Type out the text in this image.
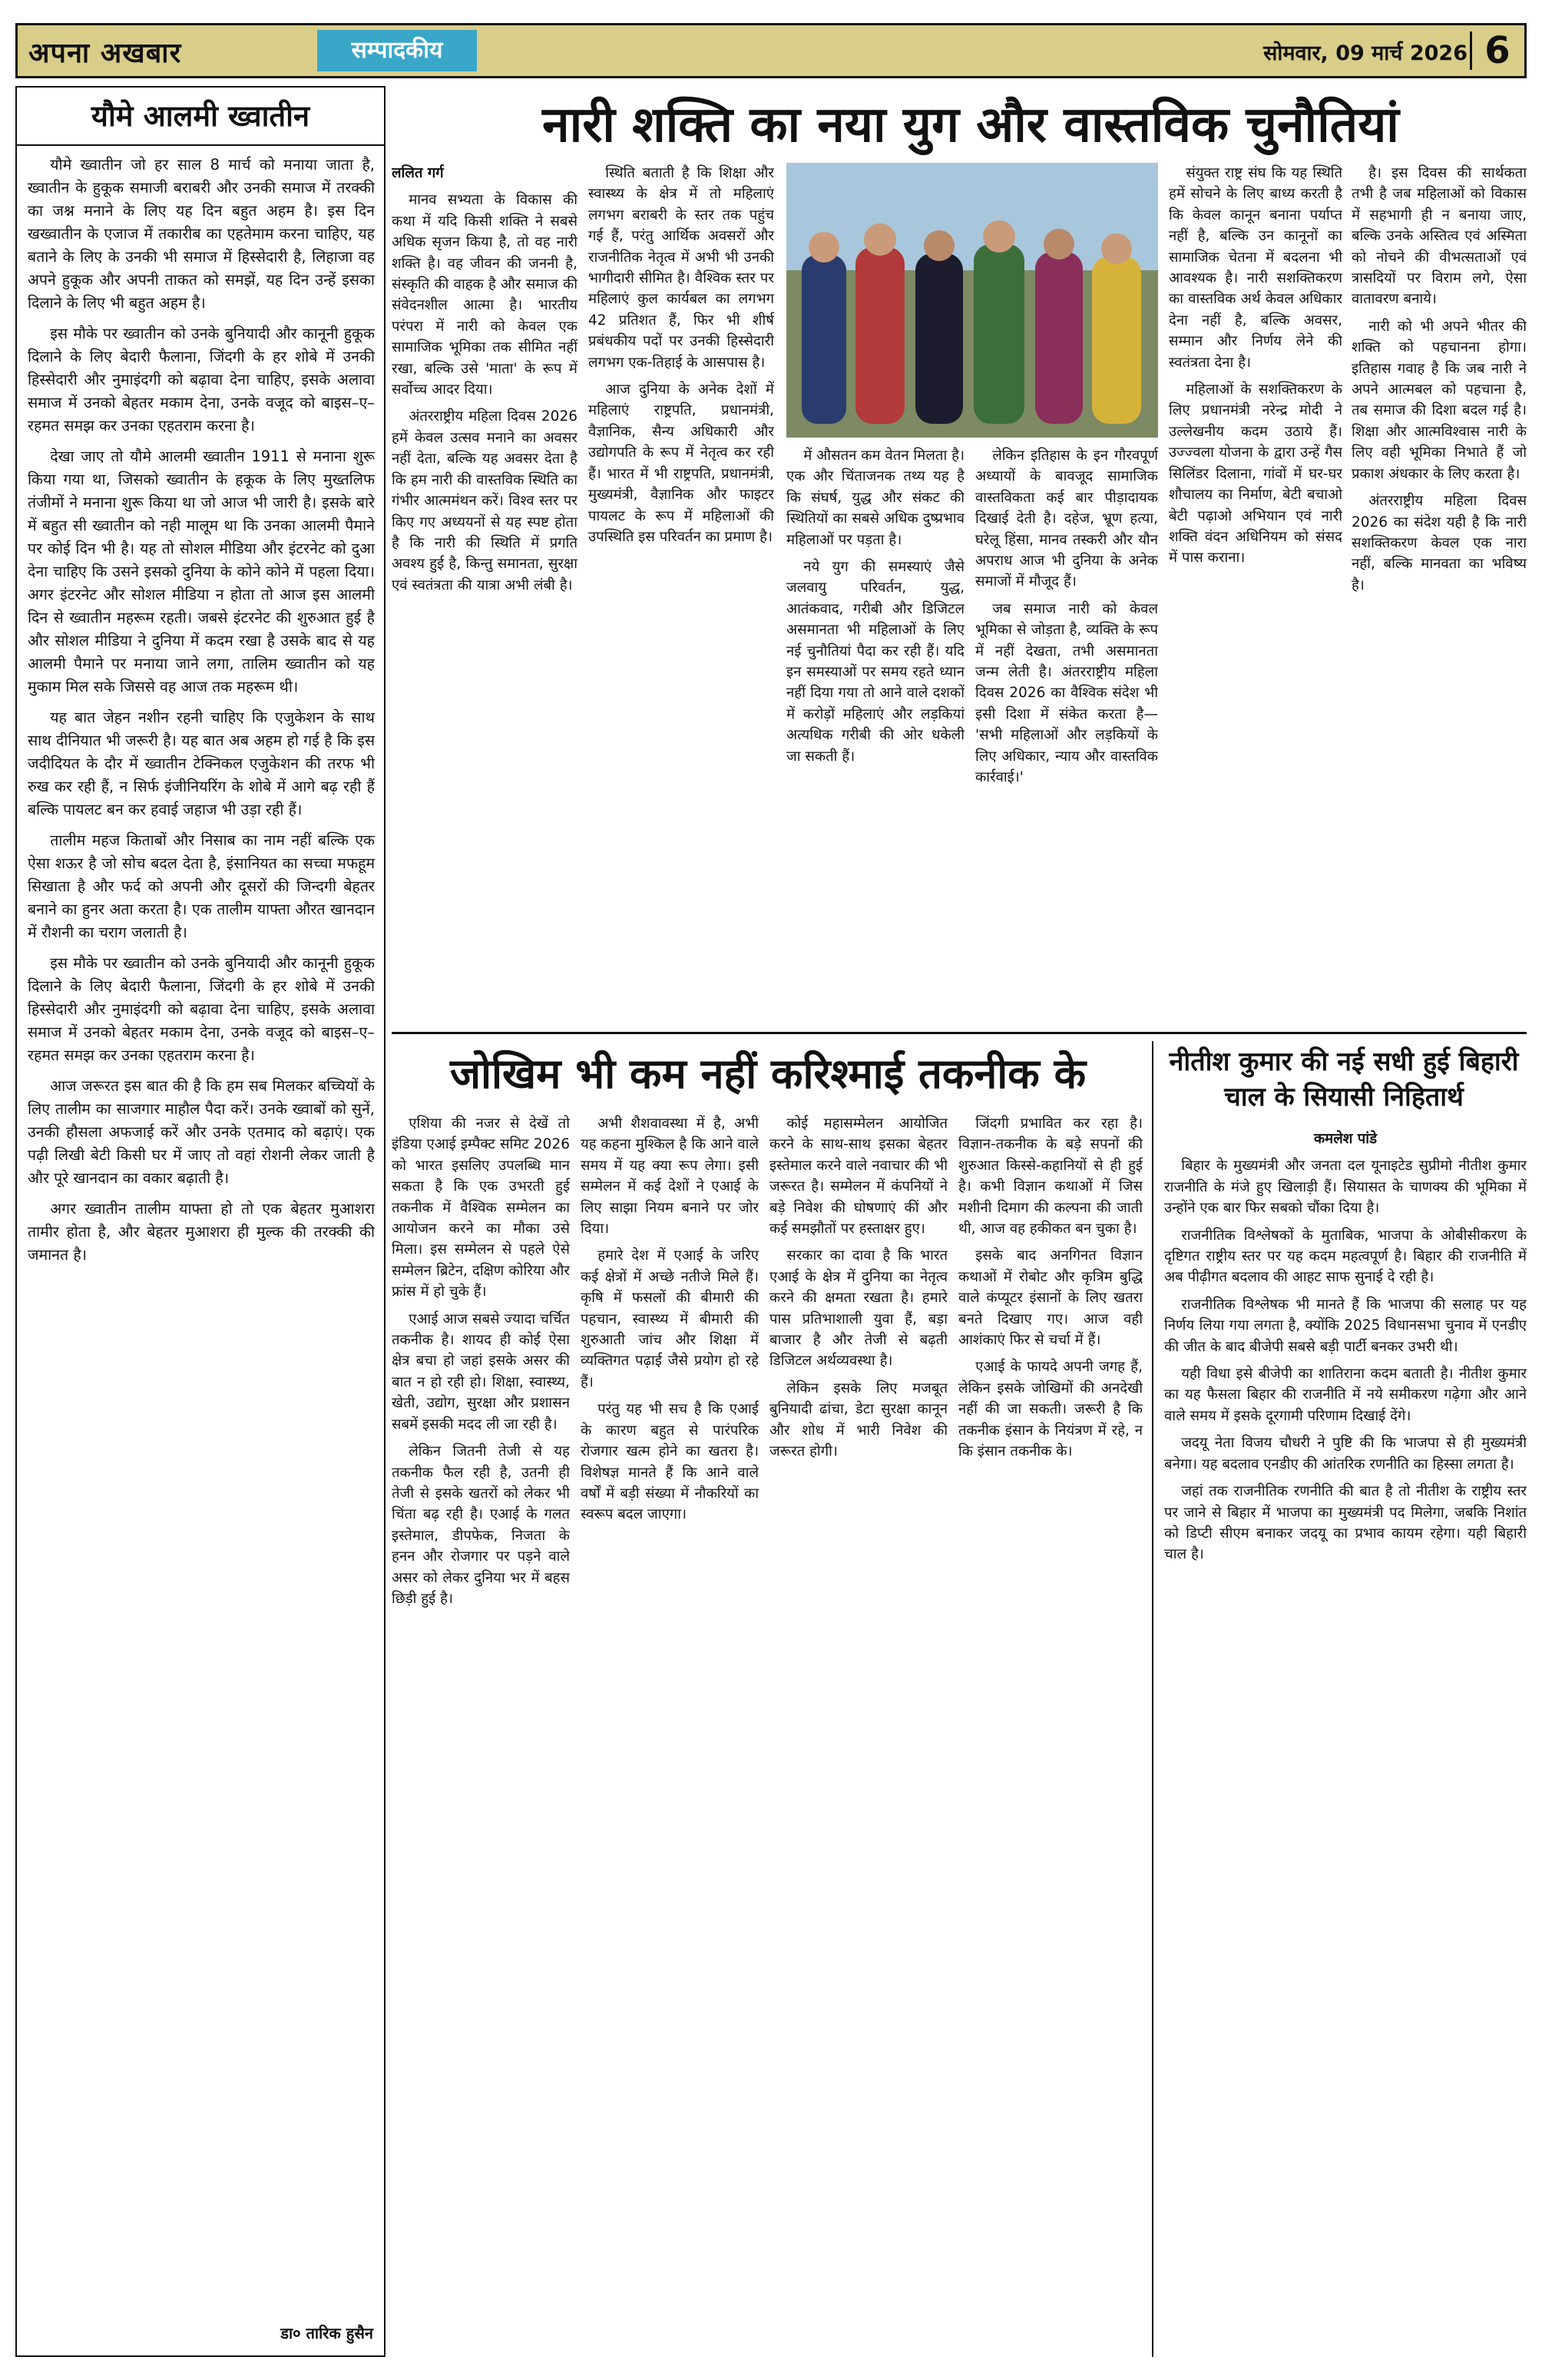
अपना अखबार	सम्पादकीय	सोमवार, 09 मार्च 2026 6
यौमे आलमी ख्वातीन

यौमे ख्वातीन जो हर साल 8 मार्च को मनाया जाता है, ख्वातीन के हुकूक समाजी बराबरी और उनकी समाज में तरक्की का जश्न मनाने के लिए यह दिन बहुत अहम है। इस दिन खख्वातीन के एजाज में तकारीब का एहतेमाम करना चाहिए, यह बताने के लिए के उनकी भी समाज में हिस्सेदारी है, लिहाजा वह अपने हुकूक और अपनी ताकत को समझें, यह दिन उन्हें इसका दिलाने के लिए भी बहुत अहम है।

इस मौके पर ख्वातीन को उनके बुनियादी और कानूनी हुकूक दिलाने के लिए बेदारी फैलाना, जिंदगी के हर शोबे में उनकी हिस्सेदारी और नुमाइंदगी को बढ़ावा देना चाहिए, इसके अलावा समाज में उनको बेहतर मकाम देना, उनके वजूद को बाइस–ए–रहमत समझ कर उनका एहतराम करना है।

देखा जाए तो यौमे आलमी ख्वातीन 1911 से मनाना शुरू किया गया था, जिसको ख्वातीन के हकूक के लिए मुख्तलिफ तंजीमों ने मनाना शुरू किया था जो आज भी जारी है। इसके बारे में बहुत सी ख्वातीन को नही मालूम था कि उनका आलमी पैमाने पर कोई दिन भी है। यह तो सोशल मीडिया और इंटरनेट को दुआ देना चाहिए कि उसने इसको दुनिया के कोने कोने में पहला दिया। अगर इंटरनेट और सोशल मीडिया न होता तो आज इस आलमी दिन से ख्वातीन महरूम रहती। जबसे इंटरनेट की शुरुआत हुई है और सोशल मीडिया ने दुनिया में कदम रखा है उसके बाद से यह आलमी पैमाने पर मनाया जाने लगा, तालिम ख्वातीन को यह मुकाम मिल सके जिससे वह आज तक महरूम थी।

यह बात जेहन नशीन रहनी चाहिए कि एजुकेशन के साथ साथ दीनियात भी जरूरी है। यह बात अब अहम हो गई है कि इस जदीदियत के दौर में ख्वातीन टेक्निकल एजुकेशन की तरफ भी रुख कर रही हैं, न सिर्फ इंजीनियरिंग के शोबे में आगे बढ़ रही हैं बल्कि पायलट बन कर हवाई जहाज भी उड़ा रही हैं।

तालीम महज किताबों और निसाब का नाम नहीं बल्कि एक ऐसा शऊर है जो सोच बदल देता है, इंसानियत का सच्चा मफहूम सिखाता है और फर्द को अपनी और दूसरों की जिन्दगी बेहतर बनाने का हुनर अता करता है। एक तालीम याफ्ता औरत खानदान में रौशनी का चराग जलाती है।

इस मौके पर ख्वातीन को उनके बुनियादी और कानूनी हुकूक दिलाने के लिए बेदारी फैलाना, जिंदगी के हर शोबे में उनकी हिस्सेदारी और नुमाइंदगी को बढ़ावा देना चाहिए, इसके अलावा समाज में उनको बेहतर मकाम देना, उनके वजूद को बाइस–ए–रहमत समझ कर उनका एहतराम करना है।

आज जरूरत इस बात की है कि हम सब मिलकर बच्चियों के लिए तालीम का साजगार माहौल पैदा करें। उनके ख्वाबों को सुनें, उनकी हौसला अफजाई करें और उनके एतमाद को बढ़ाएं। एक पढ़ी लिखी बेटी किसी घर में जाए तो वहां रोशनी लेकर जाती है और पूरे खानदान का वकार बढ़ाती है।

अगर ख्वातीन तालीम याफ्ता हो तो एक बेहतर मुआशरा तामीर होता है, और बेहतर मुआशरा ही मुल्क की तरक्की की जमानत है।

डा० तारिक हुसैन
नारी शक्ति का नया युग और वास्तविक चुनौतियां

ललित गर्ग

मानव सभ्यता के विकास की कथा में यदि किसी शक्ति ने सबसे अधिक सृजन किया है, तो वह नारी शक्ति है। वह जीवन की जननी है, संस्कृति की वाहक है और समाज की संवेदनशील आत्मा है। भारतीय परंपरा में नारी को केवल एक सामाजिक भूमिका तक सीमित नहीं रखा, बल्कि उसे 'माता' के रूप में सर्वोच्च आदर दिया।

अंतरराष्ट्रीय महिला दिवस 2026 हमें केवल उत्सव मनाने का अवसर नहीं देता, बल्कि यह अवसर देता है कि हम नारी की वास्तविक स्थिति का गंभीर आत्ममंथन करें। विश्व स्तर पर किए गए अध्ययनों से यह स्पष्ट होता है कि नारी की स्थिति में प्रगति अवश्य हुई है, किन्तु समानता, सुरक्षा एवं स्वतंत्रता की यात्रा अभी लंबी है।

स्थिति बताती है कि शिक्षा और स्वास्थ्य के क्षेत्र में तो महिलाएं लगभग बराबरी के स्तर तक पहुंच गई हैं, परंतु आर्थिक अवसरों और राजनीतिक नेतृत्व में अभी भी उनकी भागीदारी सीमित है। वैश्विक स्तर पर महिलाएं कुल कार्यबल का लगभग 42 प्रतिशत हैं, फिर भी शीर्ष प्रबंधकीय पदों पर उनकी हिस्सेदारी लगभग एक-तिहाई के आसपास है।

आज दुनिया के अनेक देशों में महिलाएं राष्ट्रपति, प्रधानमंत्री, वैज्ञानिक, सैन्य अधिकारी और उद्योगपति के रूप में नेतृत्व कर रही हैं। भारत में भी राष्ट्रपति, प्रधानमंत्री, मुख्यमंत्री, वैज्ञानिक और फाइटर पायलट के रूप में महिलाओं की उपस्थिति इस परिवर्तन का प्रमाण है।

में औसतन कम वेतन मिलता है। एक और चिंताजनक तथ्य यह है कि संघर्ष, युद्ध और संकट की स्थितियों का सबसे अधिक दुष्प्रभाव महिलाओं पर पड़ता है।

नये युग की समस्याएं जैसे जलवायु परिवर्तन, युद्ध, आतंकवाद, गरीबी और डिजिटल असमानता भी महिलाओं के लिए नई चुनौतियां पैदा कर रही हैं। यदि इन समस्याओं पर समय रहते ध्यान नहीं दिया गया तो आने वाले दशकों में करोड़ों महिलाएं और लड़कियां अत्यधिक गरीबी की ओर धकेली जा सकती हैं।

लेकिन इतिहास के इन गौरवपूर्ण अध्यायों के बावजूद सामाजिक वास्तविकता कई बार पीड़ादायक दिखाई देती है। दहेज, भ्रूण हत्या, घरेलू हिंसा, मानव तस्करी और यौन अपराध आज भी दुनिया के अनेक समाजों में मौजूद हैं।

जब समाज नारी को केवल भूमिका से जोड़ता है, व्यक्ति के रूप में नहीं देखता, तभी असमानता जन्म लेती है। अंतरराष्ट्रीय महिला दिवस 2026 का वैश्विक संदेश भी इसी दिशा में संकेत करता है— 'सभी महिलाओं और लड़कियों के लिए अधिकार, न्याय और वास्तविक कार्रवाई।'

संयुक्त राष्ट्र संघ कि यह स्थिति हमें सोचने के लिए बाध्य करती है कि केवल कानून बनाना पर्याप्त नहीं है, बल्कि उन कानूनों का सामाजिक चेतना में बदलना भी आवश्यक है। नारी सशक्तिकरण का वास्तविक अर्थ केवल अधिकार देना नहीं है, बल्कि अवसर, सम्मान और निर्णय लेने की स्वतंत्रता देना है।

महिलाओं के सशक्तिकरण के लिए प्रधानमंत्री नरेन्द्र मोदी ने उल्लेखनीय कदम उठाये हैं। उज्ज्वला योजना के द्वारा उन्हें गैस सिलिंडर दिलाना, गांवों में घर-घर शौचालय का निर्माण, बेटी बचाओ बेटी पढ़ाओ अभियान एवं नारी शक्ति वंदन अधिनियम को संसद में पास कराना।

है। इस दिवस की सार्थकता तभी है जब महिलाओं को विकास में सहभागी ही न बनाया जाए, बल्कि उनके अस्तित्व एवं अस्मिता को नोचने की वीभत्सताओं एवं त्रासदियों पर विराम लगे, ऐसा वातावरण बनाये।

नारी को भी अपने भीतर की शक्ति को पहचानना होगा। इतिहास गवाह है कि जब नारी ने अपने आत्मबल को पहचाना है, तब समाज की दिशा बदल गई है। शिक्षा और आत्मविश्वास नारी के लिए वही भूमिका निभाते हैं जो प्रकाश अंधकार के लिए करता है।

अंतरराष्ट्रीय महिला दिवस 2026 का संदेश यही है कि नारी सशक्तिकरण केवल एक नारा नहीं, बल्कि मानवता का भविष्य है।

जोखिम भी कम नहीं करिश्माई तकनीक के

एशिया की नजर से देखें तो इंडिया एआई इम्पैक्ट समिट 2026 को भारत इसलिए उपलब्धि मान सकता है कि एक उभरती हुई तकनीक में वैश्विक सम्मेलन का आयोजन करने का मौका उसे मिला। इस सम्मेलन से पहले ऐसे सम्मेलन ब्रिटेन, दक्षिण कोरिया और फ्रांस में हो चुके हैं।

एआई आज सबसे ज्यादा चर्चित तकनीक है। शायद ही कोई ऐसा क्षेत्र बचा हो जहां इसके असर की बात न हो रही हो। शिक्षा, स्वास्थ्य, खेती, उद्योग, सुरक्षा और प्रशासन सबमें इसकी मदद ली जा रही है।

लेकिन जितनी तेजी से यह तकनीक फैल रही है, उतनी ही तेजी से इसके खतरों को लेकर भी चिंता बढ़ रही है। एआई के गलत इस्तेमाल, डीपफेक, निजता के हनन और रोजगार पर पड़ने वाले असर को लेकर दुनिया भर में बहस छिड़ी हुई है।

अभी शैशवावस्था में है, अभी यह कहना मुश्किल है कि आने वाले समय में यह क्या रूप लेगा। इसी सम्मेलन में कई देशों ने एआई के लिए साझा नियम बनाने पर जोर दिया।

हमारे देश में एआई के जरिए कई क्षेत्रों में अच्छे नतीजे मिले हैं। कृषि में फसलों की बीमारी की पहचान, स्वास्थ्य में बीमारी की शुरुआती जांच और शिक्षा में व्यक्तिगत पढ़ाई जैसे प्रयोग हो रहे हैं।

परंतु यह भी सच है कि एआई के कारण बहुत से पारंपरिक रोजगार खत्म होने का खतरा है। विशेषज्ञ मानते हैं कि आने वाले वर्षों में बड़ी संख्या में नौकरियों का स्वरूप बदल जाएगा।

कोई महासम्मेलन आयोजित करने के साथ-साथ इसका बेहतर इस्तेमाल करने वाले नवाचार की भी जरूरत है। सम्मेलन में कंपनियों ने बड़े निवेश की घोषणाएं कीं और कई समझौतों पर हस्ताक्षर हुए।

सरकार का दावा है कि भारत एआई के क्षेत्र में दुनिया का नेतृत्व करने की क्षमता रखता है। हमारे पास प्रतिभाशाली युवा हैं, बड़ा बाजार है और तेजी से बढ़ती डिजिटल अर्थव्यवस्था है।

लेकिन इसके लिए मजबूत बुनियादी ढांचा, डेटा सुरक्षा कानून और शोध में भारी निवेश की जरूरत होगी।

जिंदगी प्रभावित कर रहा है। विज्ञान-तकनीक के बड़े सपनों की शुरुआत किस्से-कहानियों से ही हुई है। कभी विज्ञान कथाओं में जिस मशीनी दिमाग की कल्पना की जाती थी, आज वह हकीकत बन चुका है।

इसके बाद अनगिनत विज्ञान कथाओं में रोबोट और कृत्रिम बुद्धि वाले कंप्यूटर इंसानों के लिए खतरा बनते दिखाए गए। आज वही आशंकाएं फिर से चर्चा में हैं।

एआई के फायदे अपनी जगह हैं, लेकिन इसके जोखिमों की अनदेखी नहीं की जा सकती। जरूरी है कि तकनीक इंसान के नियंत्रण में रहे, न कि इंसान तकनीक के।

नीतीश कुमार की नई सधी हुई बिहारी चाल के सियासी निहितार्थ

कमलेश पांडे

बिहार के मुख्यमंत्री और जनता दल यूनाइटेड सुप्रीमो नीतीश कुमार राजनीति के मंजे हुए खिलाड़ी हैं। सियासत के चाणक्य की भूमिका में उन्होंने एक बार फिर सबको चौंका दिया है।

राजनीतिक विश्लेषकों के मुताबिक, भाजपा के ओबीसीकरण के दृष्टिगत राष्ट्रीय स्तर पर यह कदम महत्वपूर्ण है। बिहार की राजनीति में अब पीढ़ीगत बदलाव की आहट साफ सुनाई दे रही है।

राजनीतिक विश्लेषक भी मानते हैं कि भाजपा की सलाह पर यह निर्णय लिया गया लगता है, क्योंकि 2025 विधानसभा चुनाव में एनडीए की जीत के बाद बीजेपी सबसे बड़ी पार्टी बनकर उभरी थी।

यही विधा इसे बीजेपी का शातिराना कदम बताती है। नीतीश कुमार का यह फैसला बिहार की राजनीति में नये समीकरण गढ़ेगा और आने वाले समय में इसके दूरगामी परिणाम दिखाई देंगे।

जदयू नेता विजय चौधरी ने पुष्टि की कि भाजपा से ही मुख्यमंत्री बनेगा। यह बदलाव एनडीए की आंतरिक रणनीति का हिस्सा लगता है।

जहां तक राजनीतिक रणनीति की बात है तो नीतीश के राष्ट्रीय स्तर पर जाने से बिहार में भाजपा का मुख्यमंत्री पद मिलेगा, जबकि निशांत को डिप्टी सीएम बनाकर जदयू का प्रभाव कायम रहेगा। यही बिहारी चाल है।
